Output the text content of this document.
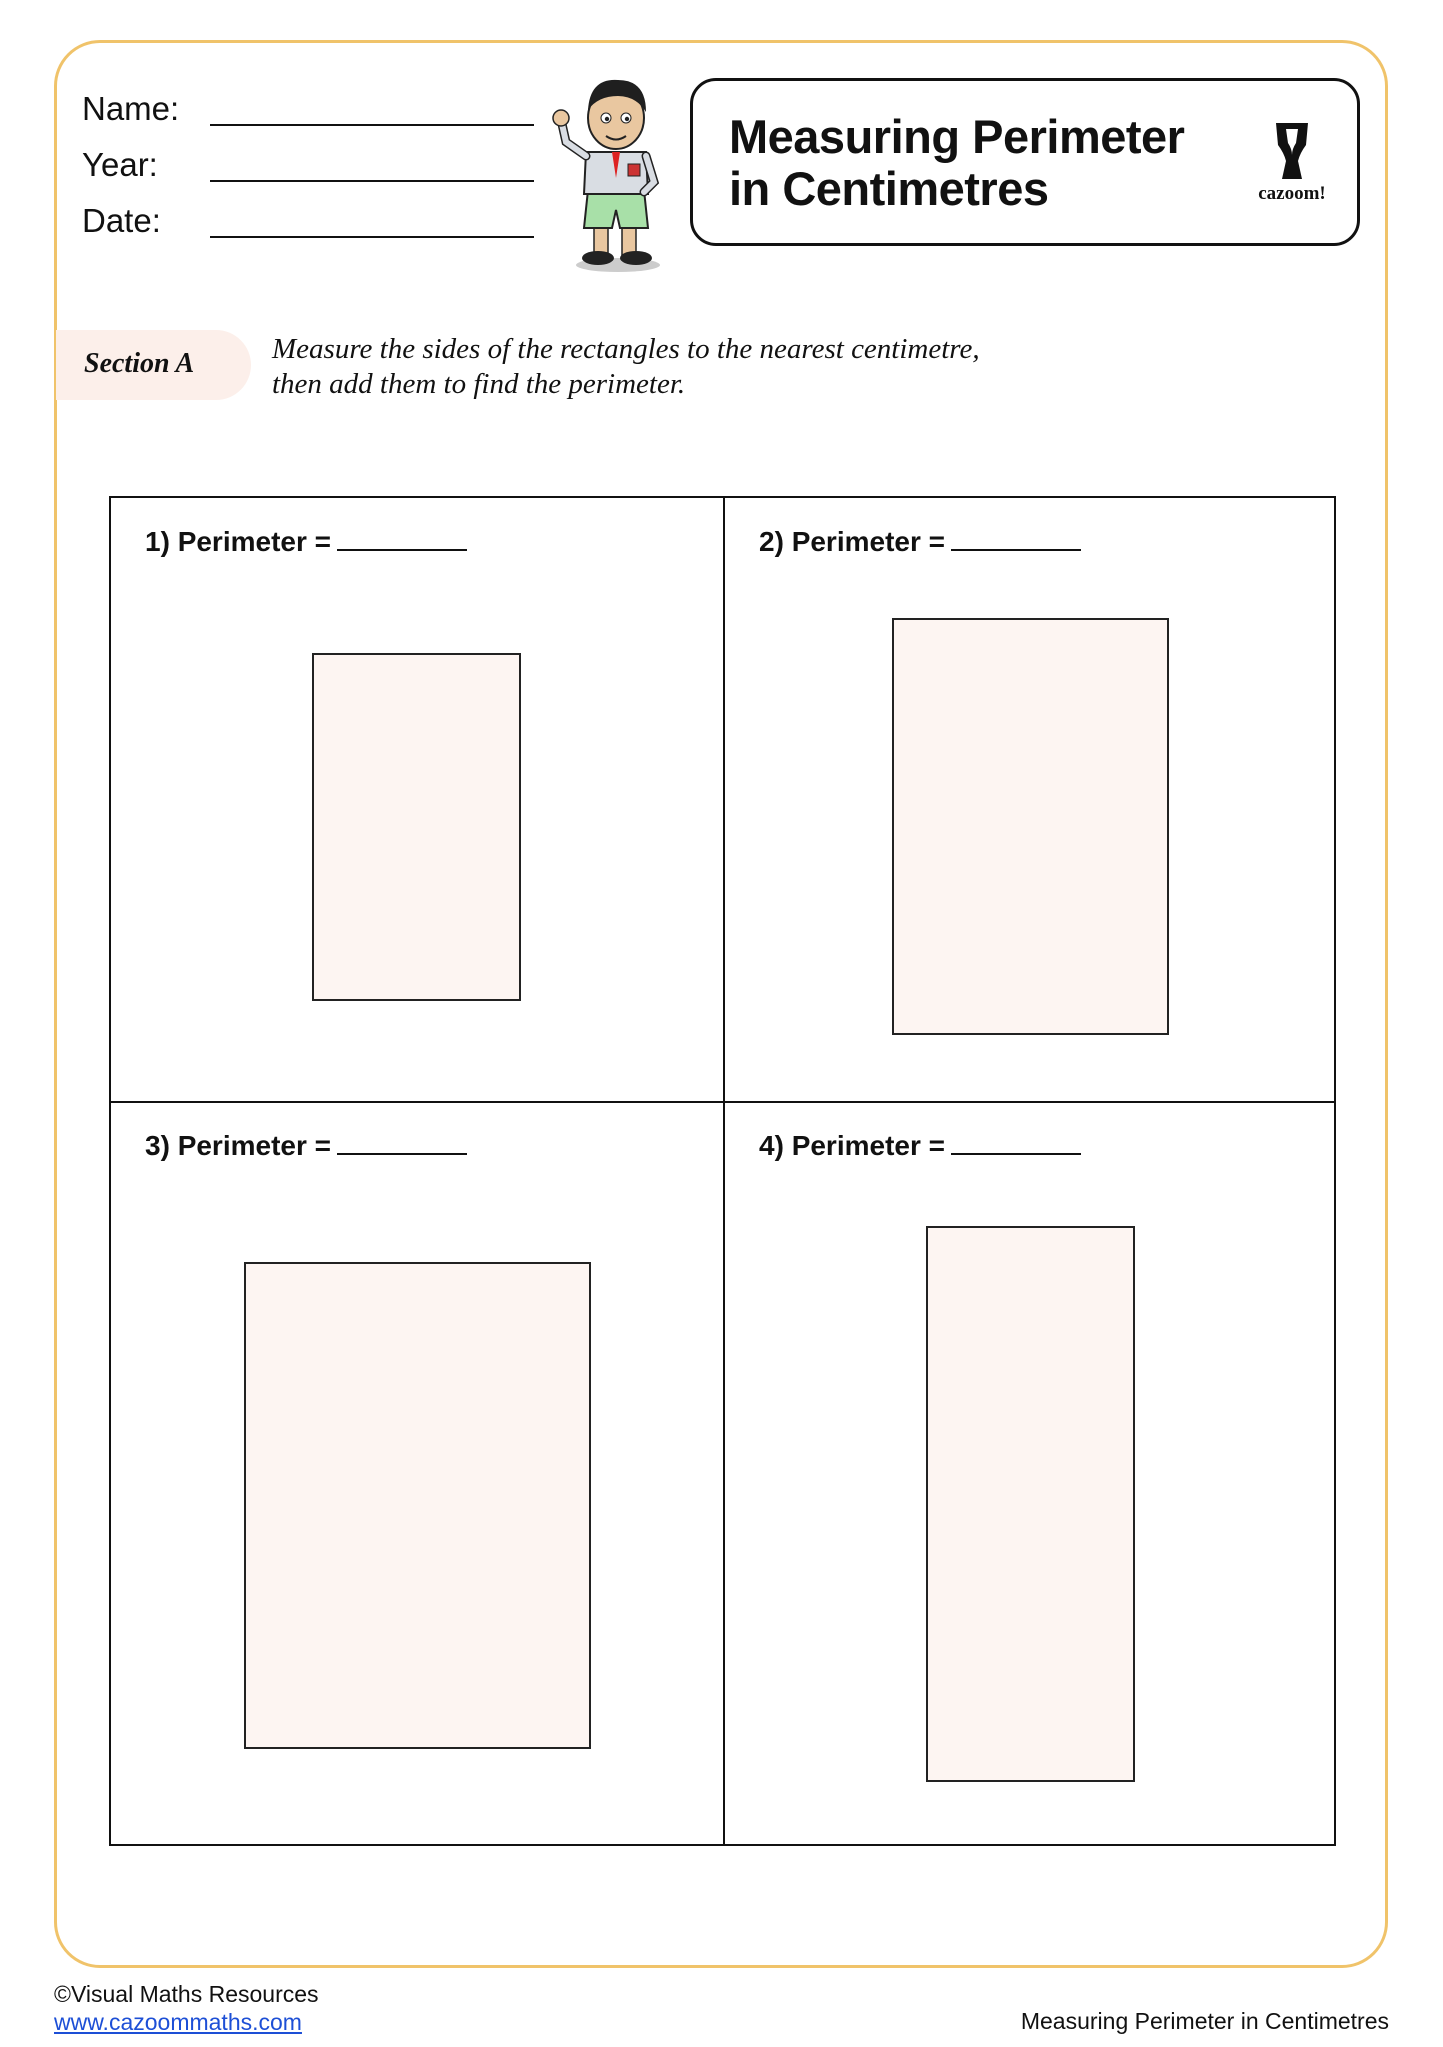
Name:
Year:
Date:
Measuring Perimeter
in Centimetres	cazoom!
Section A	Measure the sides of the rectangles to the nearest centimetre,
then add them to find the perimeter.
1) Perimeter =	2) Perimeter =
3) Perimeter =	4) Perimeter =
©Visual Maths Resources
www.cazoommaths.com	Measuring Perimeter in Centimetres
